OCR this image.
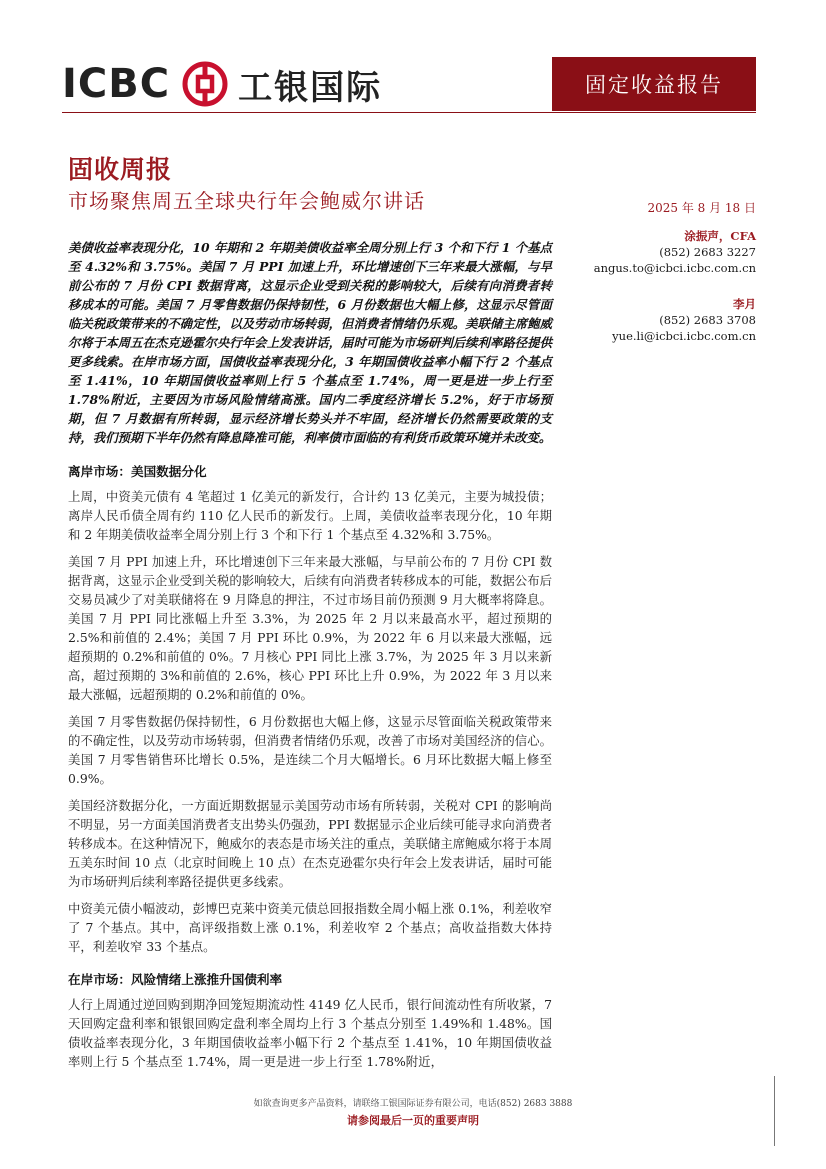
ICBC 工银国际	固定收益报告
固收周报
市场聚焦周五全球央行年会鲍威尔讲话	2025 年 8 月 18 日
涂振声，CFA
(852) 2683 3227
angus.to@icbci.icbc.com.cn
李月
(852) 2683 3708
yue.li@icbci.icbc.com.cn
美债收益率表现分化，10 年期和 2 年期美债收益率全周分别上行 3 个和下行 1 个基点至 4.32%和 3.75%。美国 7 月 PPI 加速上升，环比增速创下三年来最大涨幅，与早前公布的 7 月份 CPI 数据背离，这显示企业受到关税的影响较大，后续有向消费者转移成本的可能。美国 7 月零售数据仍保持韧性，6 月份数据也大幅上修，这显示尽管面临关税政策带来的不确定性，以及劳动市场转弱，但消费者情绪仍乐观。美联储主席鲍威尔将于本周五在杰克逊霍尔央行年会上发表讲话，届时可能为市场研判后续利率路径提供更多线索。在岸市场方面，国债收益率表现分化，3 年期国债收益率小幅下行 2 个基点至 1.41%，10 年期国债收益率则上行 5 个基点至 1.74%，周一更是进一步上行至 1.78%附近，主要因为市场风险情绪高涨。国内二季度经济增长 5.2%，好于市场预期，但 7 月数据有所转弱，显示经济增长势头并不牢固，经济增长仍然需要政策的支持，我们预期下半年仍然有降息降准可能，利率债市面临的有利货币政策环境并未改变。
离岸市场：美国数据分化

上周，中资美元债有 4 笔超过 1 亿美元的新发行，合计约 13 亿美元，主要为城投债；离岸人民币债全周有约 110 亿人民币的新发行。上周，美债收益率表现分化，10 年期和 2 年期美债收益率全周分别上行 3 个和下行 1 个基点至 4.32%和 3.75%。

美国 7 月 PPI 加速上升，环比增速创下三年来最大涨幅，与早前公布的 7 月份 CPI 数据背离，这显示企业受到关税的影响较大，后续有向消费者转移成本的可能，数据公布后交易员减少了对美联储将在 9 月降息的押注，不过市场目前仍预测 9 月大概率将降息。美国 7 月 PPI 同比涨幅上升至 3.3%，为 2025 年 2 月以来最高水平，超过预期的 2.5%和前值的 2.4%；美国 7 月 PPI 环比 0.9%，为 2022 年 6 月以来最大涨幅，远超预期的 0.2%和前值的 0%。7 月核心 PPI 同比上涨 3.7%，为 2025 年 3 月以来新高，超过预期的 3%和前值的 2.6%，核心 PPI 环比上升 0.9%，为 2022 年 3 月以来最大涨幅，远超预期的 0.2%和前值的 0%。

美国 7 月零售数据仍保持韧性，6 月份数据也大幅上修，这显示尽管面临关税政策带来的不确定性，以及劳动市场转弱，但消费者情绪仍乐观，改善了市场对美国经济的信心。美国 7 月零售销售环比增长 0.5%，是连续二个月大幅增长。6 月环比数据大幅上修至 0.9%。

美国经济数据分化，一方面近期数据显示美国劳动市场有所转弱，关税对 CPI 的影响尚不明显，另一方面美国消费者支出势头仍强劲，PPI 数据显示企业后续可能寻求向消费者转移成本。在这种情况下，鲍威尔的表态是市场关注的重点，美联储主席鲍威尔将于本周五美东时间 10 点（北京时间晚上 10 点）在杰克逊霍尔央行年会上发表讲话，届时可能为市场研判后续利率路径提供更多线索。

中资美元债小幅波动，彭博巴克莱中资美元债总回报指数全周小幅上涨 0.1%，利差收窄了 7 个基点。其中，高评级指数上涨 0.1%，利差收窄 2 个基点；高收益指数大体持平，利差收窄 33 个基点。

在岸市场：风险情绪上涨推升国债利率

人行上周通过逆回购到期净回笼短期流动性 4149 亿人民币，银行间流动性有所收紧，7 天回购定盘利率和银银回购定盘利率全周均上行 3 个基点分别至 1.49%和 1.48%。国债收益率表现分化，3 年期国债收益率小幅下行 2 个基点至 1.41%，10 年期国债收益率则上行 5 个基点至 1.74%，周一更是进一步上行至 1.78%附近，

如欲查询更多产品资料，请联络工银国际证券有限公司，电话(852) 2683 3888
请参阅最后一页的重要声明
